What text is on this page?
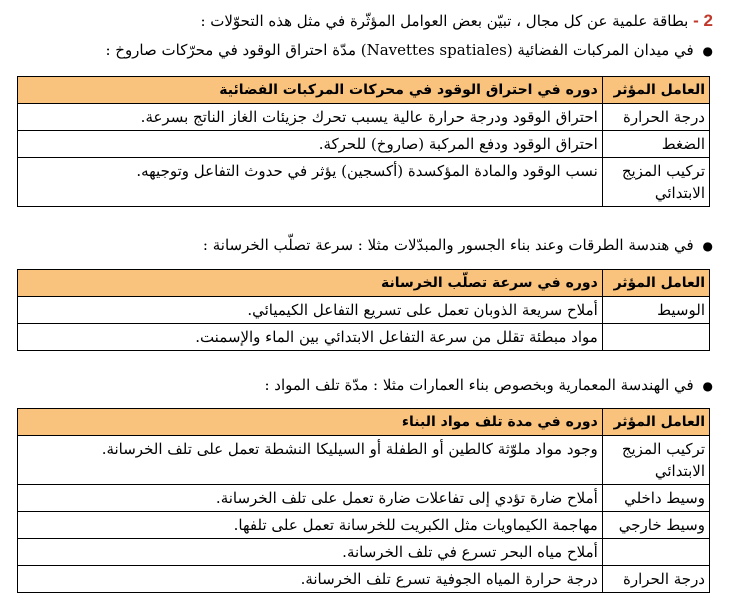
2 - بطاقة علمية عن كل مجال ، تبيّن بعض العوامل المؤثّرة في مثل هذه التحوّلات :
● في ميدان المركبات الفضائية (Navettes spatiales) مدّة احتراق الوقود في محرّكات صاروخ :
العامل المؤثر	دوره في احتراق الوقود في محركات المركبات الفضائية
درجة الحرارة	احتراق الوقود ودرجة حرارة عالية يسبب تحرك جزيئات الغاز الناتج بسرعة.
الضغط	احتراق الوقود ودفع المركبة (صاروخ) للحركة.
تركيب المزيج الابتدائي	نسب الوقود والمادة المؤكسدة (أكسجين) يؤثر في حدوث التفاعل وتوجيهه.
● في هندسة الطرقات وعند بناء الجسور والمبدّلات مثلا : سرعة تصلّب الخرسانة :
العامل المؤثر	دوره في سرعة تصلّب الخرسانة
الوسيط	أملاح سريعة الذوبان تعمل على تسريع التفاعل الكيميائي.
	مواد مبطئة تقلل من سرعة التفاعل الابتدائي بين الماء والإسمنت.
● في الهندسة المعمارية وبخصوص بناء العمارات مثلا : مدّة تلف المواد :
العامل المؤثر	دوره في مدة تلف مواد البناء
تركيب المزيج الابتدائي	وجود مواد ملوّثة كالطين أو الطفلة أو السيليكا النشطة تعمل على تلف الخرسانة.
وسيط داخلي	أملاح ضارة تؤدي إلى تفاعلات ضارة تعمل على تلف الخرسانة.
وسيط خارجي	مهاجمة الكيماويات مثل الكبريت للخرسانة تعمل على تلفها.
	أملاح مياه البحر تسرع في تلف الخرسانة.
درجة الحرارة	درجة حرارة المياه الجوفية تسرع تلف الخرسانة.
